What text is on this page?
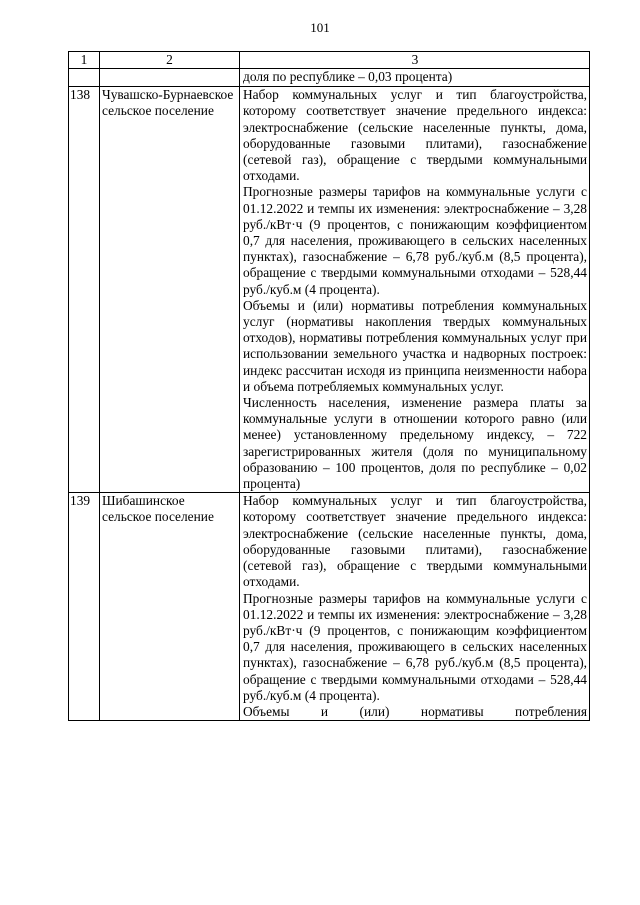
101
1	2	3
		доля по республике – 0,03 процента)
138	Чувашско-Бурнаевское сельское поселение	Набор коммунальных услуг и тип благоустройства, которому соответствует значение предельного индекса: электроснабжение (сельские населенные пункты, дома, оборудованные газовыми плитами), газоснабжение (сетевой газ), обращение с твердыми коммунальными отходами.
Прогнозные размеры тарифов на коммунальные услуги с 01.12.2022 и темпы их изменения: электроснабжение – 3,28 руб./кВт·ч (9 процентов, с понижающим коэффициентом 0,7 для населения, проживающего в сельских населенных пунктах), газоснабжение – 6,78 руб./куб.м (8,5 процента), обращение с твердыми коммунальными отходами – 528,44 руб./куб.м (4 процента).
Объемы и (или) нормативы потребления коммунальных услуг (нормативы накопления твердых коммунальных отходов), нормативы потребления коммунальных услуг при использовании земельного участка и надворных построек: индекс рассчитан исходя из принципа неизменности набора и объема потребляемых коммунальных услуг.
Численность населения, изменение размера платы за коммунальные услуги в отношении которого равно (или менее) установленному предельному индексу, – 722 зарегистрированных жителя (доля по муниципальному образованию – 100 процентов, доля по республике – 0,02 процента)

139	Шибашинское сельское поселение	Набор коммунальных услуг и тип благоустройства, которому соответствует значение предельного индекса: электроснабжение (сельские населенные пункты, дома, оборудованные газовыми плитами), газоснабжение (сетевой газ), обращение с твердыми коммунальными отходами.
Прогнозные размеры тарифов на коммунальные услуги с 01.12.2022 и темпы их изменения: электроснабжение – 3,28 руб./кВт·ч (9 процентов, с понижающим коэффициентом 0,7 для населения, проживающего в сельских населенных пунктах), газоснабжение – 6,78 руб./куб.м (8,5 процента), обращение с твердыми коммунальными отходами – 528,44 руб./куб.м (4 процента).
Объемы и (или) нормативы потребления
